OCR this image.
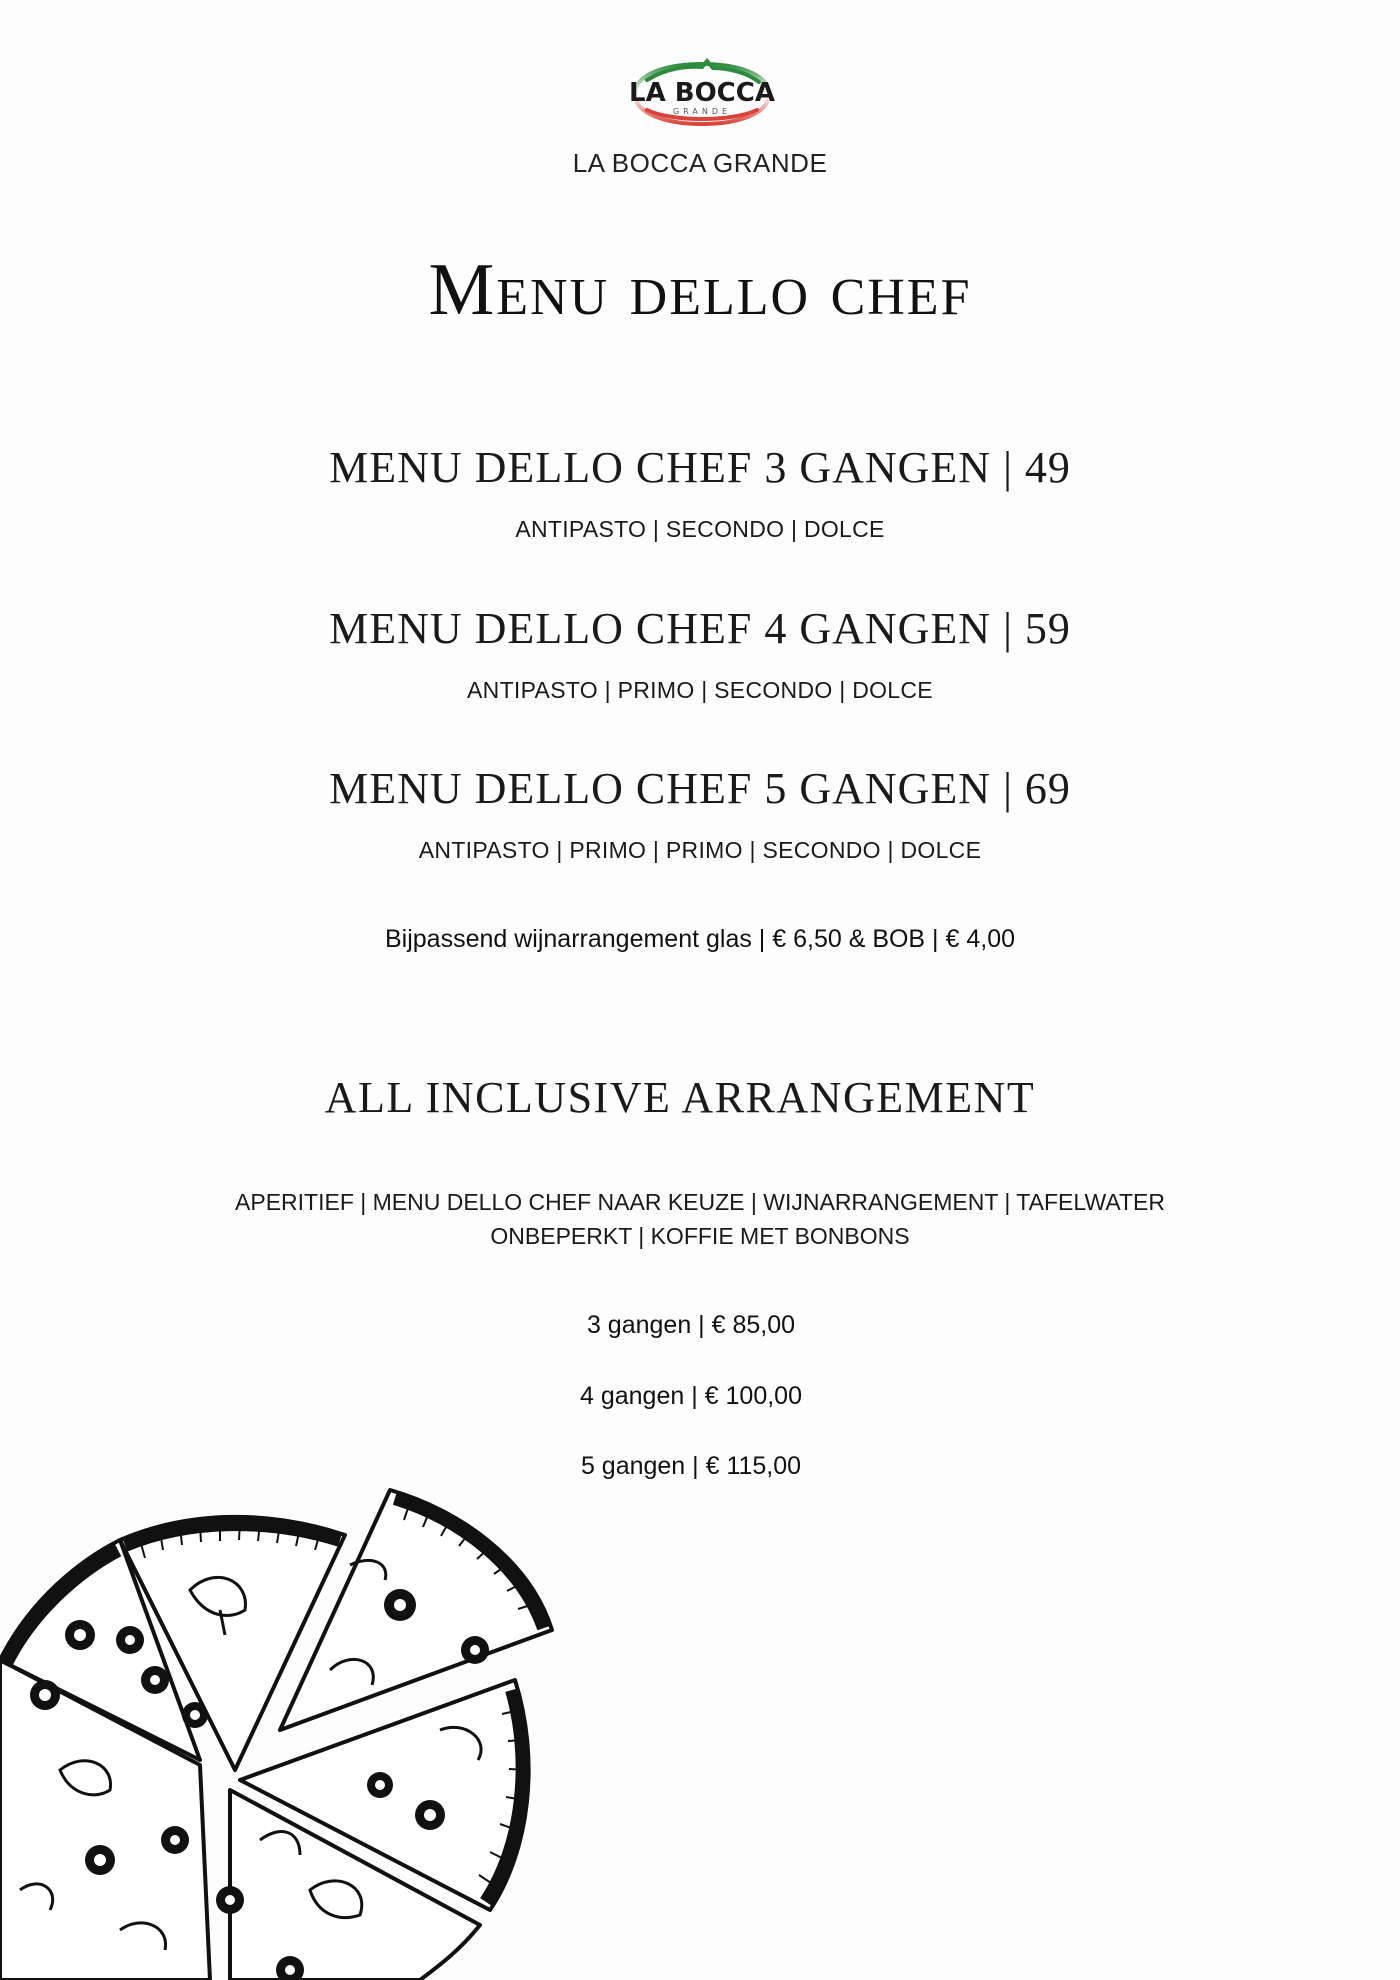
LA BOCCA
GRANDE
LA BOCCA GRANDE
Menu dello chef
MENU DELLO CHEF 3 GANGEN | 49
ANTIPASTO | SECONDO | DOLCE
MENU DELLO CHEF 4 GANGEN | 59
ANTIPASTO | PRIMO | SECONDO | DOLCE
MENU DELLO CHEF 5 GANGEN | 69
ANTIPASTO | PRIMO | PRIMO | SECONDO | DOLCE
Bijpassend wijnarrangement glas | € 6,50 & BOB | € 4,00
ALL INCLUSIVE ARRANGEMENT
APERITIEF | MENU DELLO CHEF NAAR KEUZE | WIJNARRANGEMENT | TAFELWATER ONBEPERKT | KOFFIE MET BONBONS
3 gangen | € 85,00
4 gangen | € 100,00
5 gangen | € 115,00
